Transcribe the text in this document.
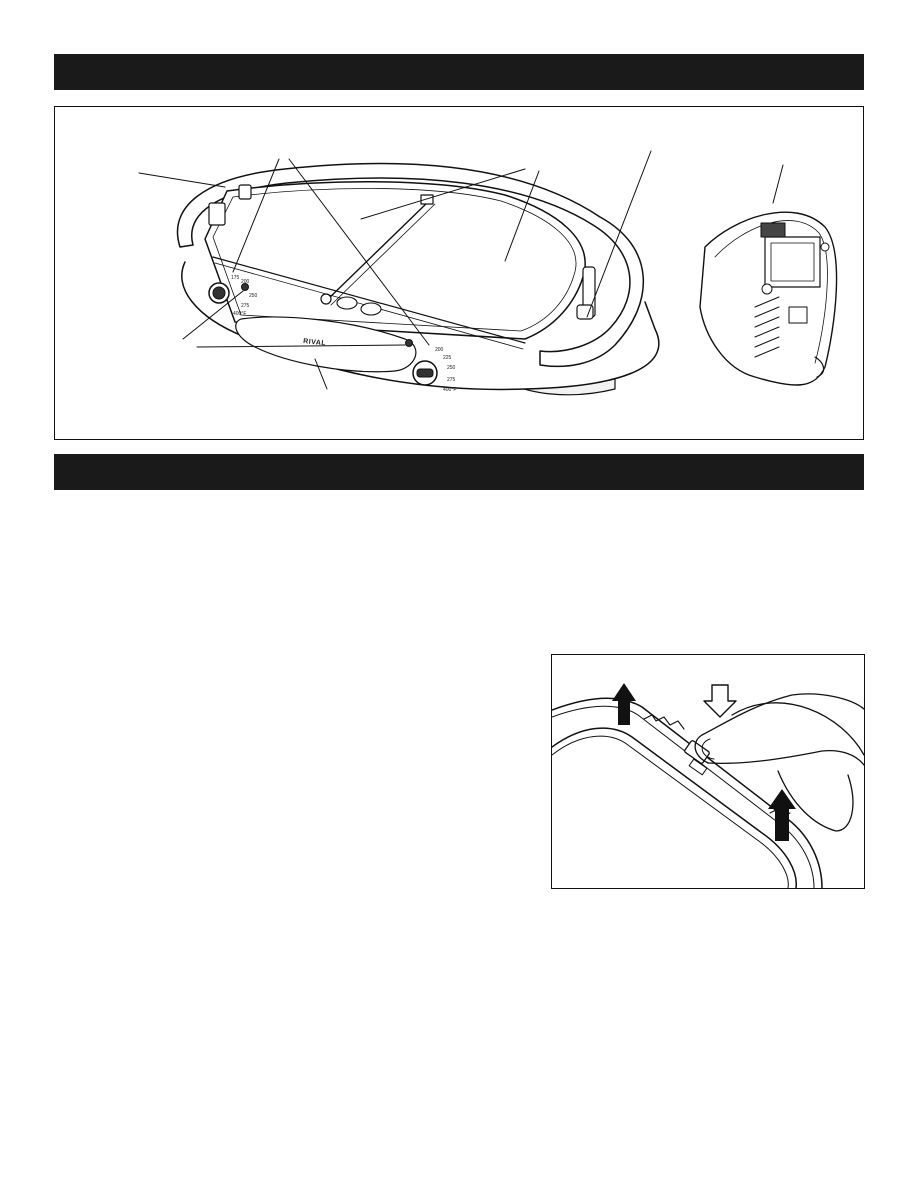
175
200
250
275
400°F
200
225
250
275
400°F
RIVAL
